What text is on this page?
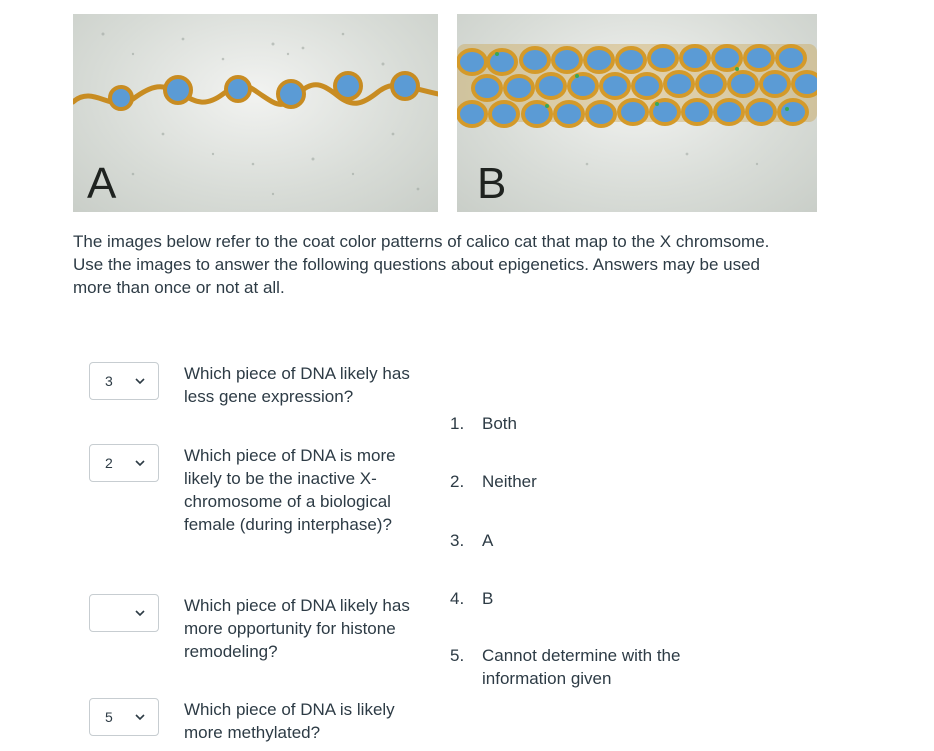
A	B

The images below refer to the coat color patterns of calico cat that map to the X chromsome.

Use the images to answer the following questions about epigenetics. Answers may be used more than once or not at all.

3	Which piece of DNA likely has less gene expression?
2	Which piece of DNA is more likely to be the inactive X-chromosome of a biological female (during interphase)?
Which piece of DNA likely has more opportunity for histone remodeling?
5	Which piece of DNA is likely more methylated?
1.	Both
2.	Neither
3.	A
4.	B
5.	Cannot determine with the information given
